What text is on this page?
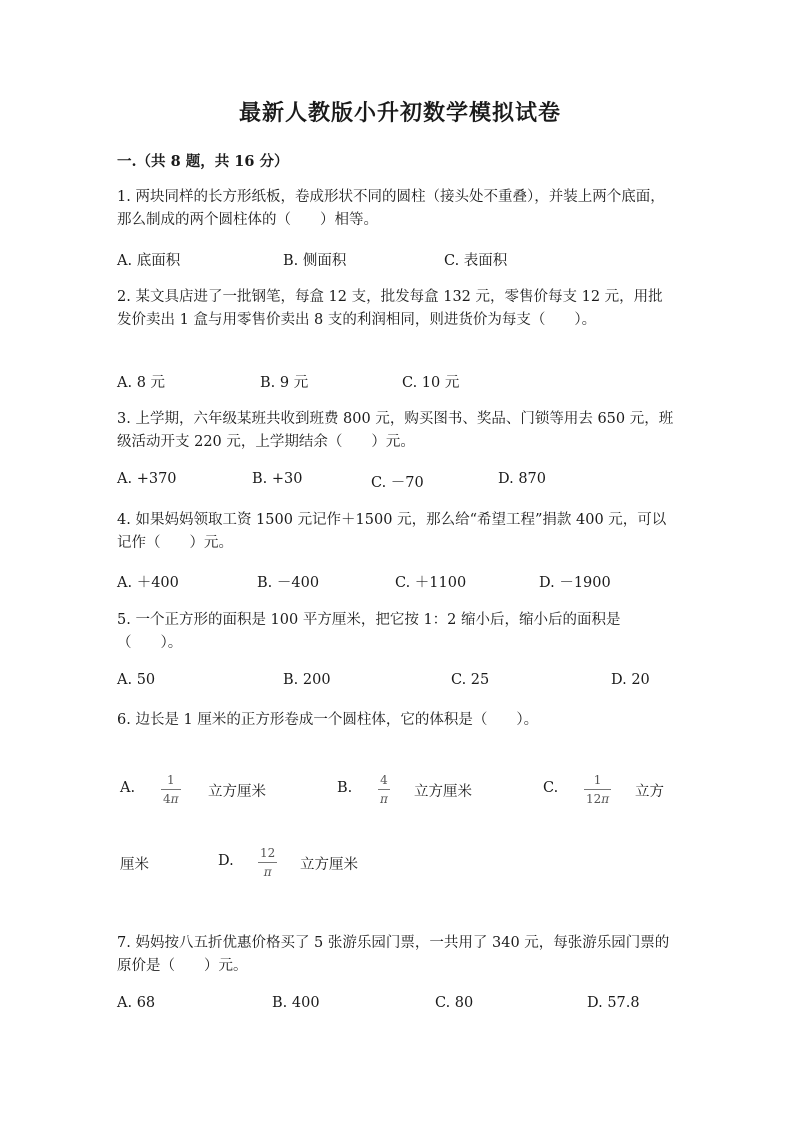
最新人教版小升初数学模拟试卷
一.（共 8 题，共 16 分）
1. 两块同样的长方形纸板，卷成形状不同的圆柱（接头处不重叠），并装上两个底面，那么制成的两个圆柱体的（　　）相等。
A. 底面积	B. 侧面积	C. 表面积
2. 某文具店进了一批钢笔，每盒 12 支，批发每盒 132 元，零售价每支 12 元，用批发价卖出 1 盒与用零售价卖出 8 支的利润相同，则进货价为每支（　　）。
A. 8 元	B. 9 元	C. 10 元
3. 上学期，六年级某班共收到班费 800 元，购买图书、奖品、门锁等用去 650 元，班级活动开支 220 元，上学期结余（　　）元。
A. +370	B. +30	C. －70	D. 870
4. 如果妈妈领取工资 1500 元记作＋1500 元，那么给“希望工程”捐款 400 元，可以记作（　　）元。
A. ＋400	B. －400	C. ＋1100	D. －1900
5. 一个正方形的面积是 100 平方厘米，把它按 1：2 缩小后，缩小后的面积是（　　）。
A. 50	B. 200	C. 25	D. 20
6. 边长是 1 厘米的正方形卷成一个圆柱体，它的体积是（　　）。
A.	1
4π 立方厘米	B. 4
π 立方厘米	C.	1
12π 立方
厘米	D. 12
π 立方厘米
7. 妈妈按八五折优惠价格买了 5 张游乐园门票，一共用了 340 元，每张游乐园门票的原价是（　　）元。
A. 68	B. 400	C. 80	D. 57.8
